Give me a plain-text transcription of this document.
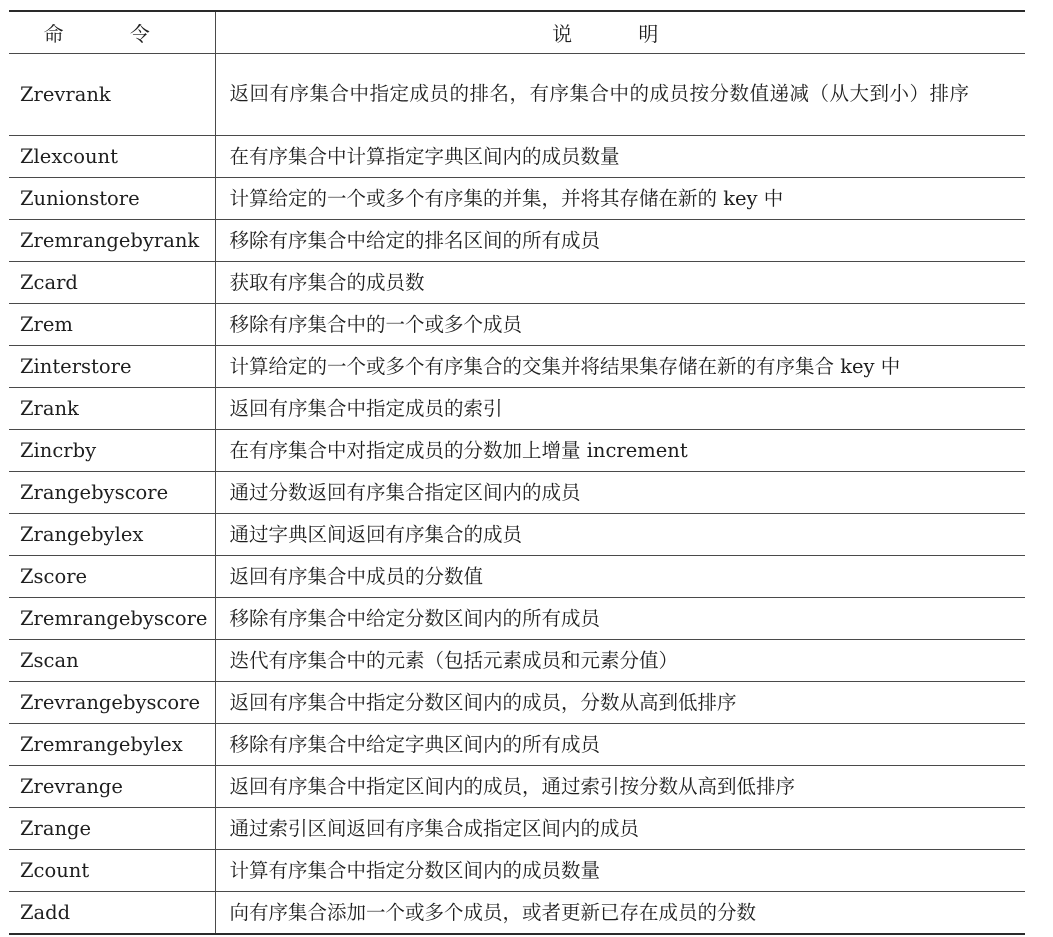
命 令	说 明
Zrevrank	返回有序集合中指定成员的排名，有序集合中的成员按分数值递减（从大到小）排序
Zlexcount	在有序集合中计算指定字典区间内的成员数量
Zunionstore	计算给定的一个或多个有序集的并集，并将其存储在新的 key 中
Zremrangebyrank	移除有序集合中给定的排名区间的所有成员
Zcard	获取有序集合的成员数
Zrem	移除有序集合中的一个或多个成员
Zinterstore	计算给定的一个或多个有序集合的交集并将结果集存储在新的有序集合 key 中
Zrank	返回有序集合中指定成员的索引
Zincrby	在有序集合中对指定成员的分数加上增量 increment
Zrangebyscore	通过分数返回有序集合指定区间内的成员
Zrangebylex	通过字典区间返回有序集合的成员
Zscore	返回有序集合中成员的分数值
Zremrangebyscore	移除有序集合中给定分数区间内的所有成员
Zscan	迭代有序集合中的元素（包括元素成员和元素分值）
Zrevrangebyscore	返回有序集合中指定分数区间内的成员，分数从高到低排序
Zremrangebylex	移除有序集合中给定字典区间内的所有成员
Zrevrange	返回有序集合中指定区间内的成员，通过索引按分数从高到低排序
Zrange	通过索引区间返回有序集合成指定区间内的成员
Zcount	计算有序集合中指定分数区间内的成员数量
Zadd	向有序集合添加一个或多个成员，或者更新已存在成员的分数
